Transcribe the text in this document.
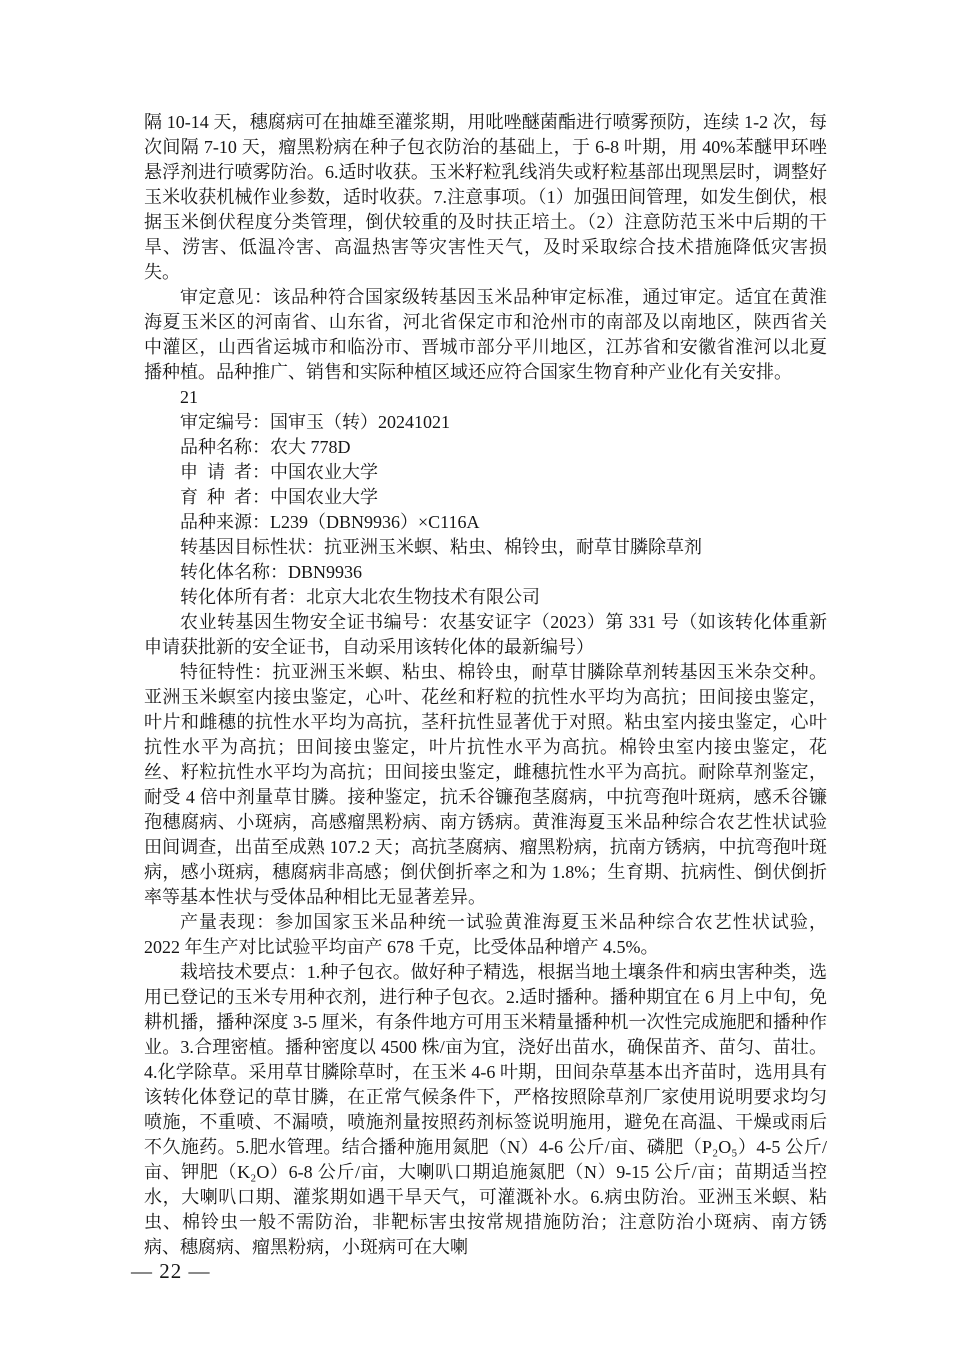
隔 10-14 天，穗腐病可在抽雄至灌浆期，用吡唑醚菌酯进行喷雾预防，连续 1-2 次，每次间隔 7-10 天，瘤黑粉病在种子包衣防治的基础上，于 6-8 叶期，用 40%苯醚甲环唑悬浮剂进行喷雾防治。6.适时收获。玉米籽粒乳线消失或籽粒基部出现黑层时，调整好玉米收获机械作业参数，适时收获。7.注意事项。（1）加强田间管理，如发生倒伏，根据玉米倒伏程度分类管理，倒伏较重的及时扶正培土。（2）注意防范玉米中后期的干旱、涝害、低温冷害、高温热害等灾害性天气，及时采取综合技术措施降低灾害损失。

审定意见：该品种符合国家级转基因玉米品种审定标准，通过审定。适宜在黄淮海夏玉米区的河南省、山东省，河北省保定市和沧州市的南部及以南地区，陕西省关中灌区，山西省运城市和临汾市、晋城市部分平川地区，江苏省和安徽省淮河以北夏播种植。品种推广、销售和实际种植区域还应符合国家生物育种产业化有关安排。

21

审定编号：国审玉（转）20241021

品种名称：农大 778D

申 请 者：中国农业大学

育 种 者：中国农业大学

品种来源：L239（DBN9936）×C116A

转基因目标性状：抗亚洲玉米螟、粘虫、棉铃虫，耐草甘膦除草剂

转化体名称：DBN9936

转化体所有者：北京大北农生物技术有限公司

农业转基因生物安全证书编号：农基安证字（2023）第 331 号（如该转化体重新申请获批新的安全证书，自动采用该转化体的最新编号）

特征特性：抗亚洲玉米螟、粘虫、棉铃虫，耐草甘膦除草剂转基因玉米杂交种。亚洲玉米螟室内接虫鉴定，心叶、花丝和籽粒的抗性水平均为高抗；田间接虫鉴定，叶片和雌穗的抗性水平均为高抗，茎秆抗性显著优于对照。粘虫室内接虫鉴定，心叶抗性水平为高抗；田间接虫鉴定，叶片抗性水平为高抗。棉铃虫室内接虫鉴定，花丝、籽粒抗性水平均为高抗；田间接虫鉴定，雌穗抗性水平为高抗。耐除草剂鉴定，耐受 4 倍中剂量草甘膦。接种鉴定，抗禾谷镰孢茎腐病，中抗弯孢叶斑病，感禾谷镰孢穗腐病、小斑病，高感瘤黑粉病、南方锈病。黄淮海夏玉米品种综合农艺性状试验田间调查，出苗至成熟 107.2 天；高抗茎腐病、瘤黑粉病，抗南方锈病，中抗弯孢叶斑病，感小斑病，穗腐病非高感；倒伏倒折率之和为 1.8%；生育期、抗病性、倒伏倒折率等基本性状与受体品种相比无显著差异。

产量表现：参加国家玉米品种统一试验黄淮海夏玉米品种综合农艺性状试验，2022 年生产对比试验平均亩产 678 千克，比受体品种增产 4.5%。

栽培技术要点：1.种子包衣。做好种子精选，根据当地土壤条件和病虫害种类，选用已登记的玉米专用种衣剂，进行种子包衣。2.适时播种。播种期宜在 6 月上中旬，免耕机播，播种深度 3-5 厘米，有条件地方可用玉米精量播种机一次性完成施肥和播种作业。3.合理密植。播种密度以 4500 株/亩为宜，浇好出苗水，确保苗齐、苗匀、苗壮。4.化学除草。采用草甘膦除草时，在玉米 4-6 叶期，田间杂草基本出齐苗时，选用具有该转化体登记的草甘膦，在正常气候条件下，严格按照除草剂厂家使用说明要求均匀喷施，不重喷、不漏喷，喷施剂量按照药剂标签说明施用，避免在高温、干燥或雨后不久施药。5.肥水管理。结合播种施用氮肥（N）4-6 公斤/亩、磷肥（P₂O₅）4-5 公斤/亩、钾肥（K₂O）6-8 公斤/亩，大喇叭口期追施氮肥（N）9-15 公斤/亩；苗期适当控水，大喇叭口期、灌浆期如遇干旱天气，可灌溉补水。6.病虫防治。亚洲玉米螟、粘虫、棉铃虫一般不需防治，非靶标害虫按常规措施防治；注意防治小斑病、南方锈病、穗腐病、瘤黑粉病，小斑病可在大喇

— 22 —
